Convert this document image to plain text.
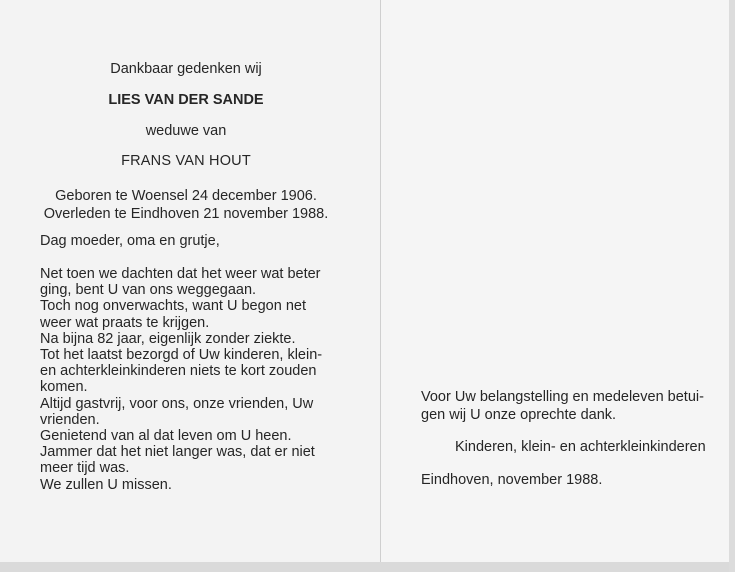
Dankbaar gedenken wij
LIES VAN DER SANDE
weduwe van
FRANS VAN HOUT
Geboren te Woensel 24 december 1906.
Overleden te Eindhoven 21 november 1988.
Dag moeder, oma en grutje,
Net toen we dachten dat het weer wat beter
ging, bent U van ons weggegaan.
Toch nog onverwachts, want U begon net
weer wat praats te krijgen.
Na bijna 82 jaar, eigenlijk zonder ziekte.
Tot het laatst bezorgd of Uw kinderen, klein-
en achterkleinkinderen niets te kort zouden
komen.
Altijd gastvrij, voor ons, onze vrienden, Uw
vrienden.
Genietend van al dat leven om U heen.
Jammer dat het niet langer was, dat er niet
meer tijd was.
We zullen U missen.
Voor Uw belangstelling en medeleven betui-
gen wij U onze oprechte dank.
Kinderen, klein- en achterkleinkinderen
Eindhoven, november 1988.
